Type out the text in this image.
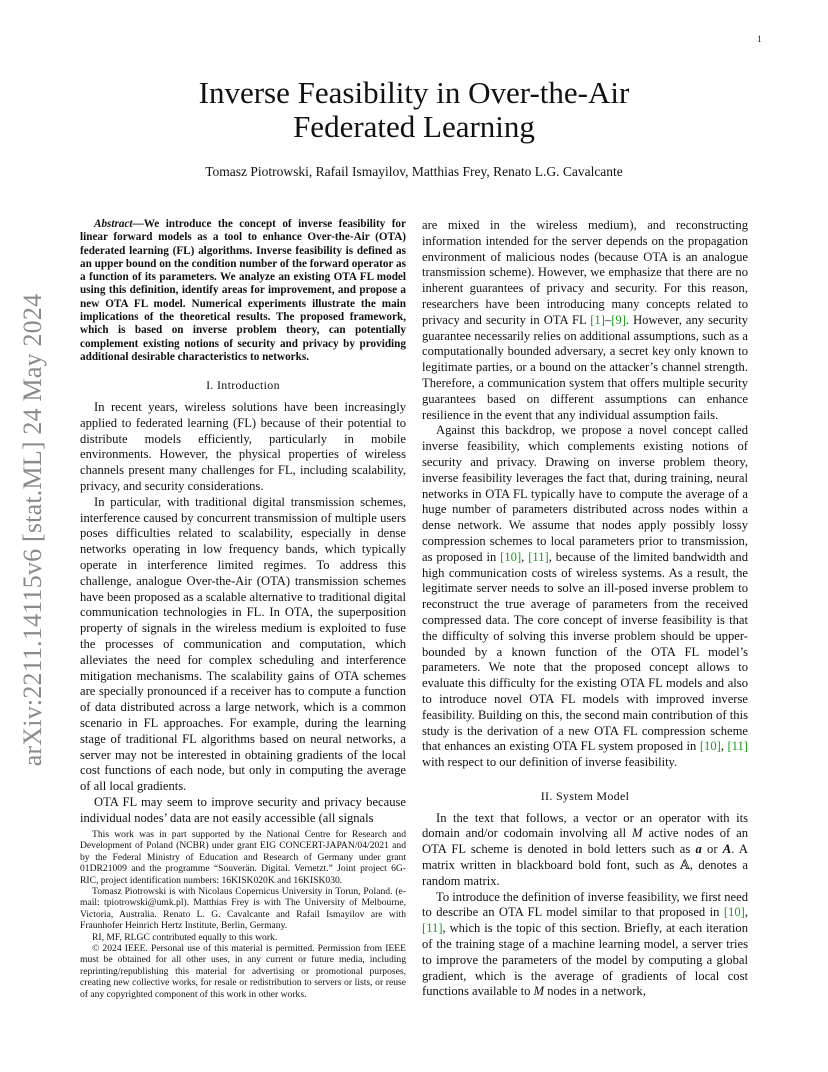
1
arXiv:2211.14115v6 [stat.ML] 24 May 2024
Inverse Feasibility in Over-the-Air
Federated Learning
Tomasz Piotrowski, Rafail Ismayilov, Matthias Frey, Renato L.G. Cavalcante

Abstract—We introduce the concept of inverse feasibility for linear forward models as a tool to enhance Over-the-Air (OTA) federated learning (FL) algorithms. Inverse feasibility is defined as an upper bound on the condition number of the forward operator as a function of its parameters. We analyze an existing OTA FL model using this definition, identify areas for improvement, and propose a new OTA FL model. Numerical experiments illustrate the main implications of the theoretical results. The proposed framework, which is based on inverse problem theory, can potentially complement existing notions of security and privacy by providing additional desirable characteristics to networks.

I. Introduction

In recent years, wireless solutions have been increasingly applied to federated learning (FL) because of their potential to distribute models efficiently, particularly in mobile environments. However, the physical properties of wireless channels present many challenges for FL, including scalability, privacy, and security considerations.

In particular, with traditional digital transmission schemes, interference caused by concurrent transmission of multiple users poses difficulties related to scalability, especially in dense networks operating in low frequency bands, which typically operate in interference limited regimes. To address this challenge, analogue Over-the-Air (OTA) transmission schemes have been proposed as a scalable alternative to traditional digital communication technologies in FL. In OTA, the superposition property of signals in the wireless medium is exploited to fuse the processes of communication and computation, which alleviates the need for complex scheduling and interference mitigation mechanisms. The scalability gains of OTA schemes are specially pronounced if a receiver has to compute a function of data distributed across a large network, which is a common scenario in FL approaches. For example, during the learning stage of traditional FL algorithms based on neural networks, a server may not be interested in obtaining gradients of the local cost functions of each node, but only in computing the average of all local gradients.

OTA FL may seem to improve security and privacy because individual nodes’ data are not easily accessible (all signals

are mixed in the wireless medium), and reconstructing information intended for the server depends on the propagation environment of malicious nodes (because OTA is an analogue transmission scheme). However, we emphasize that there are no inherent guarantees of privacy and security. For this reason, researchers have been introducing many concepts related to privacy and security in OTA FL [1]–[9]. However, any security guarantee necessarily relies on additional assumptions, such as a computationally bounded adversary, a secret key only known to legitimate parties, or a bound on the attacker’s channel strength. Therefore, a communication system that offers multiple security guarantees based on different assumptions can enhance resilience in the event that any individual assumption fails.

Against this backdrop, we propose a novel concept called inverse feasibility, which complements existing notions of security and privacy. Drawing on inverse problem theory, inverse feasibility leverages the fact that, during training, neural networks in OTA FL typically have to compute the average of a huge number of parameters distributed across nodes within a dense network. We assume that nodes apply possibly lossy compression schemes to local parameters prior to transmission, as proposed in [10], [11], because of the limited bandwidth and high communication costs of wireless systems. As a result, the legitimate server needs to solve an ill-posed inverse problem to reconstruct the true average of parameters from the received compressed data. The core concept of inverse feasibility is that the difficulty of solving this inverse problem should be upper-bounded by a known function of the OTA FL model’s parameters. We note that the proposed concept allows to evaluate this difficulty for the existing OTA FL models and also to introduce novel OTA FL models with improved inverse feasibility. Building on this, the second main contribution of this study is the derivation of a new OTA FL compression scheme that enhances an existing OTA FL system proposed in [10], [11] with respect to our definition of inverse feasibility.

II. System Model

In the text that follows, a vector or an operator with its domain and/or codomain involving all M active nodes of an OTA FL scheme is denoted in bold letters such as a or A. A matrix written in blackboard bold font, such as 𝔸, denotes a random matrix.

To introduce the definition of inverse feasibility, we first need to describe an OTA FL model similar to that proposed in [10], [11], which is the topic of this section. Briefly, at each iteration of the training stage of a machine learning model, a server tries to improve the parameters of the model by computing a global gradient, which is the average of gradients of local cost functions available to M nodes in a network,

This work was in part supported by the National Centre for Research and Development of Poland (NCBR) under grant EIG CONCERT-JAPAN/04/2021 and by the Federal Ministry of Education and Research of Germany under grant 01DR21009 and the programme “Souverän. Digital. Vernetzt.” Joint project 6G-RIC, project identification numbers: 16KISK020K and 16KISK030.

Tomasz Piotrowski is with Nicolaus Copernicus University in Torun, Poland. (e-mail: tpiotrowski@umk.pl). Matthias Frey is with The University of Melbourne, Victoria, Australia. Renato L. G. Cavalcante and Rafail Ismayilov are with Fraunhofer Heinrich Hertz Institute, Berlin, Germany.

RI, MF, RLGC contributed equally to this work.

© 2024 IEEE. Personal use of this material is permitted. Permission from IEEE must be obtained for all other uses, in any current or future media, including reprinting/republishing this material for advertising or promotional purposes, creating new collective works, for resale or redistribution to servers or lists, or reuse of any copyrighted component of this work in other works.
